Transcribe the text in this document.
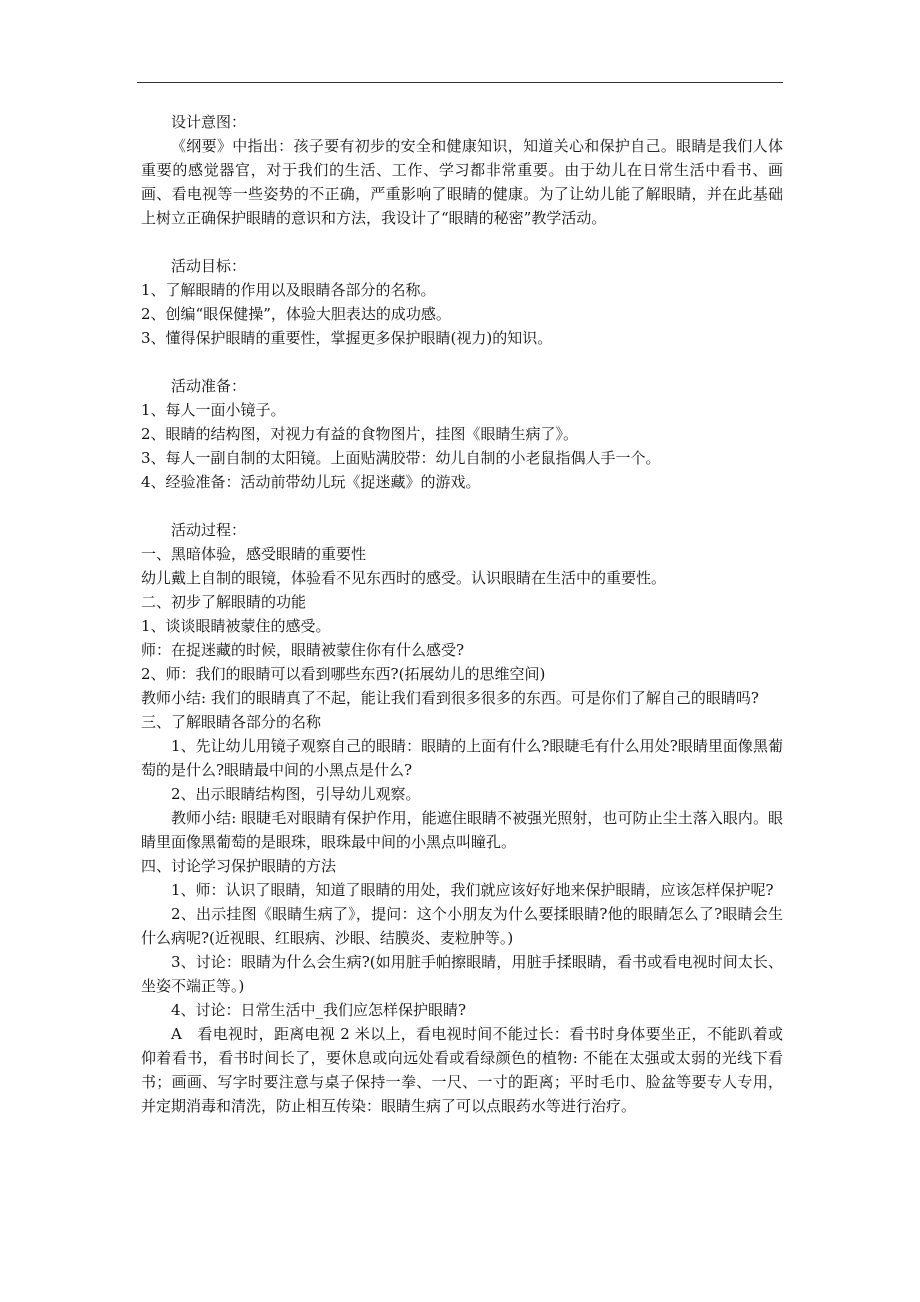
设计意图：

《纲要》中指出：孩子要有初步的安全和健康知识，知道关心和保护自己。眼睛是我们人体重要的感觉器官，对于我们的生活、工作、学习都非常重要。由于幼儿在日常生活中看书、画画、看电视等一些姿势的不正确，严重影响了眼睛的健康。为了让幼儿能了解眼睛，并在此基础上树立正确保护眼睛的意识和方法，我设计了“眼睛的秘密”教学活动。

活动目标：

1、了解眼睛的作用以及眼睛各部分的名称。

2、创编“眼保健操”，体验大胆表达的成功感。

3、懂得保护眼睛的重要性，掌握更多保护眼睛(视力)的知识。

活动准备：

1、每人一面小镜子。

2、眼睛的结构图，对视力有益的食物图片，挂图《眼睛生病了》。

3、每人一副自制的太阳镜。上面贴满胶带：幼儿自制的小老鼠指偶人手一个。

4、经验准备：活动前带幼儿玩《捉迷藏》的游戏。

活动过程：

一、黑暗体验，感受眼睛的重要性

幼儿戴上自制的眼镜，体验看不见东西时的感受。认识眼睛在生活中的重要性。

二、初步了解眼睛的功能

1、谈谈眼睛被蒙住的感受。

师：在捉迷藏的时候，眼睛被蒙住你有什么感受?

2、师：我们的眼睛可以看到哪些东西?(拓展幼儿的思维空间)

教师小结: 我们的眼睛真了不起，能让我们看到很多很多的东西。可是你们了解自己的眼睛吗?

三、了解眼睛各部分的名称

1、先让幼儿用镜子观察自己的眼睛：眼睛的上面有什么?眼睫毛有什么用处?眼睛里面像黑葡萄的是什么?眼睛最中间的小黑点是什么?

2、出示眼睛结构图，引导幼儿观察。

教师小结: 眼睫毛对眼睛有保护作用，能遮住眼睛不被强光照射，也可防止尘土落入眼内。眼睛里面像黑葡萄的是眼珠，眼珠最中间的小黑点叫瞳孔。

四、讨论学习保护眼睛的方法

1、师：认识了眼睛，知道了眼睛的用处，我们就应该好好地来保护眼睛，应该怎样保护呢?

2、出示挂图《眼睛生病了》，提问：这个小朋友为什么要揉眼睛?他的眼睛怎么了?眼睛会生什么病呢?(近视眼、红眼病、沙眼、结膜炎、麦粒肿等。)

3、讨论：眼睛为什么会生病?(如用脏手帕擦眼睛，用脏手揉眼睛，看书或看电视时间太长、坐姿不端正等。)

4、讨论：日常生活中_我们应怎样保护眼睛?

A　看电视时，距离电视 2 米以上，看电视时间不能过长：看书时身体要坐正，不能趴着或仰着看书，看书时间长了，要休息或向远处看或看绿颜色的植物: 不能在太强或太弱的光线下看书；画画、写字时要注意与桌子保持一拳、一尺、一寸的距离；平时毛巾、脸盆等要专人专用，并定期消毒和清洗，防止相互传染：眼睛生病了可以点眼药水等进行治疗。
